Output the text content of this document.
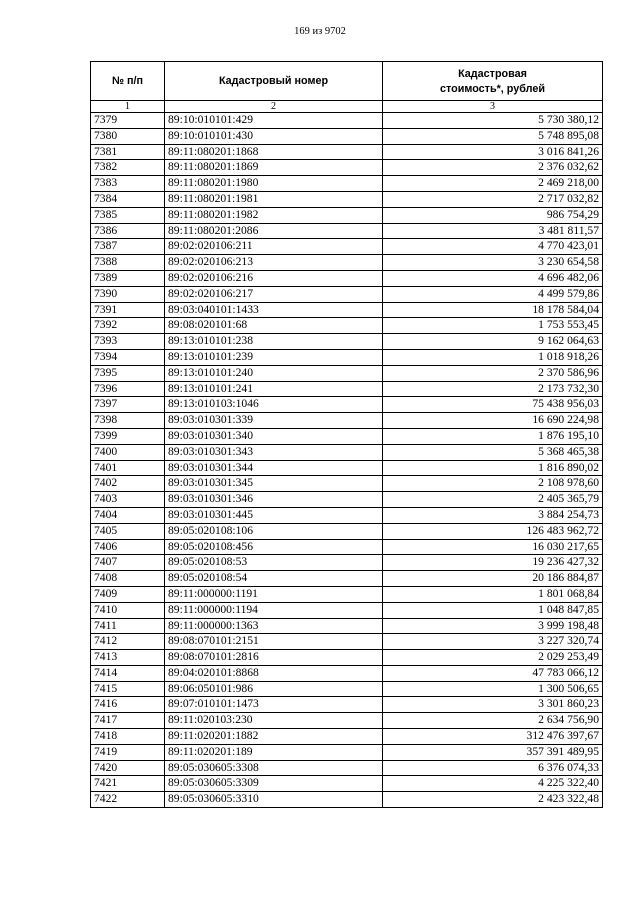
169 из 9702
№ п/п	Кадастровый номер	Кадастровая стоимость*, рублей
1	2	3
7379	89:10:010101:429	5 730 380,12
7380	89:10:010101:430	5 748 895,08
7381	89:11:080201:1868	3 016 841,26
7382	89:11:080201:1869	2 376 032,62
7383	89:11:080201:1980	2 469 218,00
7384	89:11:080201:1981	2 717 032,82
7385	89:11:080201:1982	986 754,29
7386	89:11:080201:2086	3 481 811,57
7387	89:02:020106:211	4 770 423,01
7388	89:02:020106:213	3 230 654,58
7389	89:02:020106:216	4 696 482,06
7390	89:02:020106:217	4 499 579,86
7391	89:03:040101:1433	18 178 584,04
7392	89:08:020101:68	1 753 553,45
7393	89:13:010101:238	9 162 064,63
7394	89:13:010101:239	1 018 918,26
7395	89:13:010101:240	2 370 586,96
7396	89:13:010101:241	2 173 732,30
7397	89:13:010103:1046	75 438 956,03
7398	89:03:010301:339	16 690 224,98
7399	89:03:010301:340	1 876 195,10
7400	89:03:010301:343	5 368 465,38
7401	89:03:010301:344	1 816 890,02
7402	89:03:010301:345	2 108 978,60
7403	89:03:010301:346	2 405 365,79
7404	89:03:010301:445	3 884 254,73
7405	89:05:020108:106	126 483 962,72
7406	89:05:020108:456	16 030 217,65
7407	89:05:020108:53	19 236 427,32
7408	89:05:020108:54	20 186 884,87
7409	89:11:000000:1191	1 801 068,84
7410	89:11:000000:1194	1 048 847,85
7411	89:11:000000:1363	3 999 198,48
7412	89:08:070101:2151	3 227 320,74
7413	89:08:070101:2816	2 029 253,49
7414	89:04:020101:8868	47 783 066,12
7415	89:06:050101:986	1 300 506,65
7416	89:07:010101:1473	3 301 860,23
7417	89:11:020103:230	2 634 756,90
7418	89:11:020201:1882	312 476 397,67
7419	89:11:020201:189	357 391 489,95
7420	89:05:030605:3308	6 376 074,33
7421	89:05:030605:3309	4 225 322,40
7422	89:05:030605:3310	2 423 322,48
